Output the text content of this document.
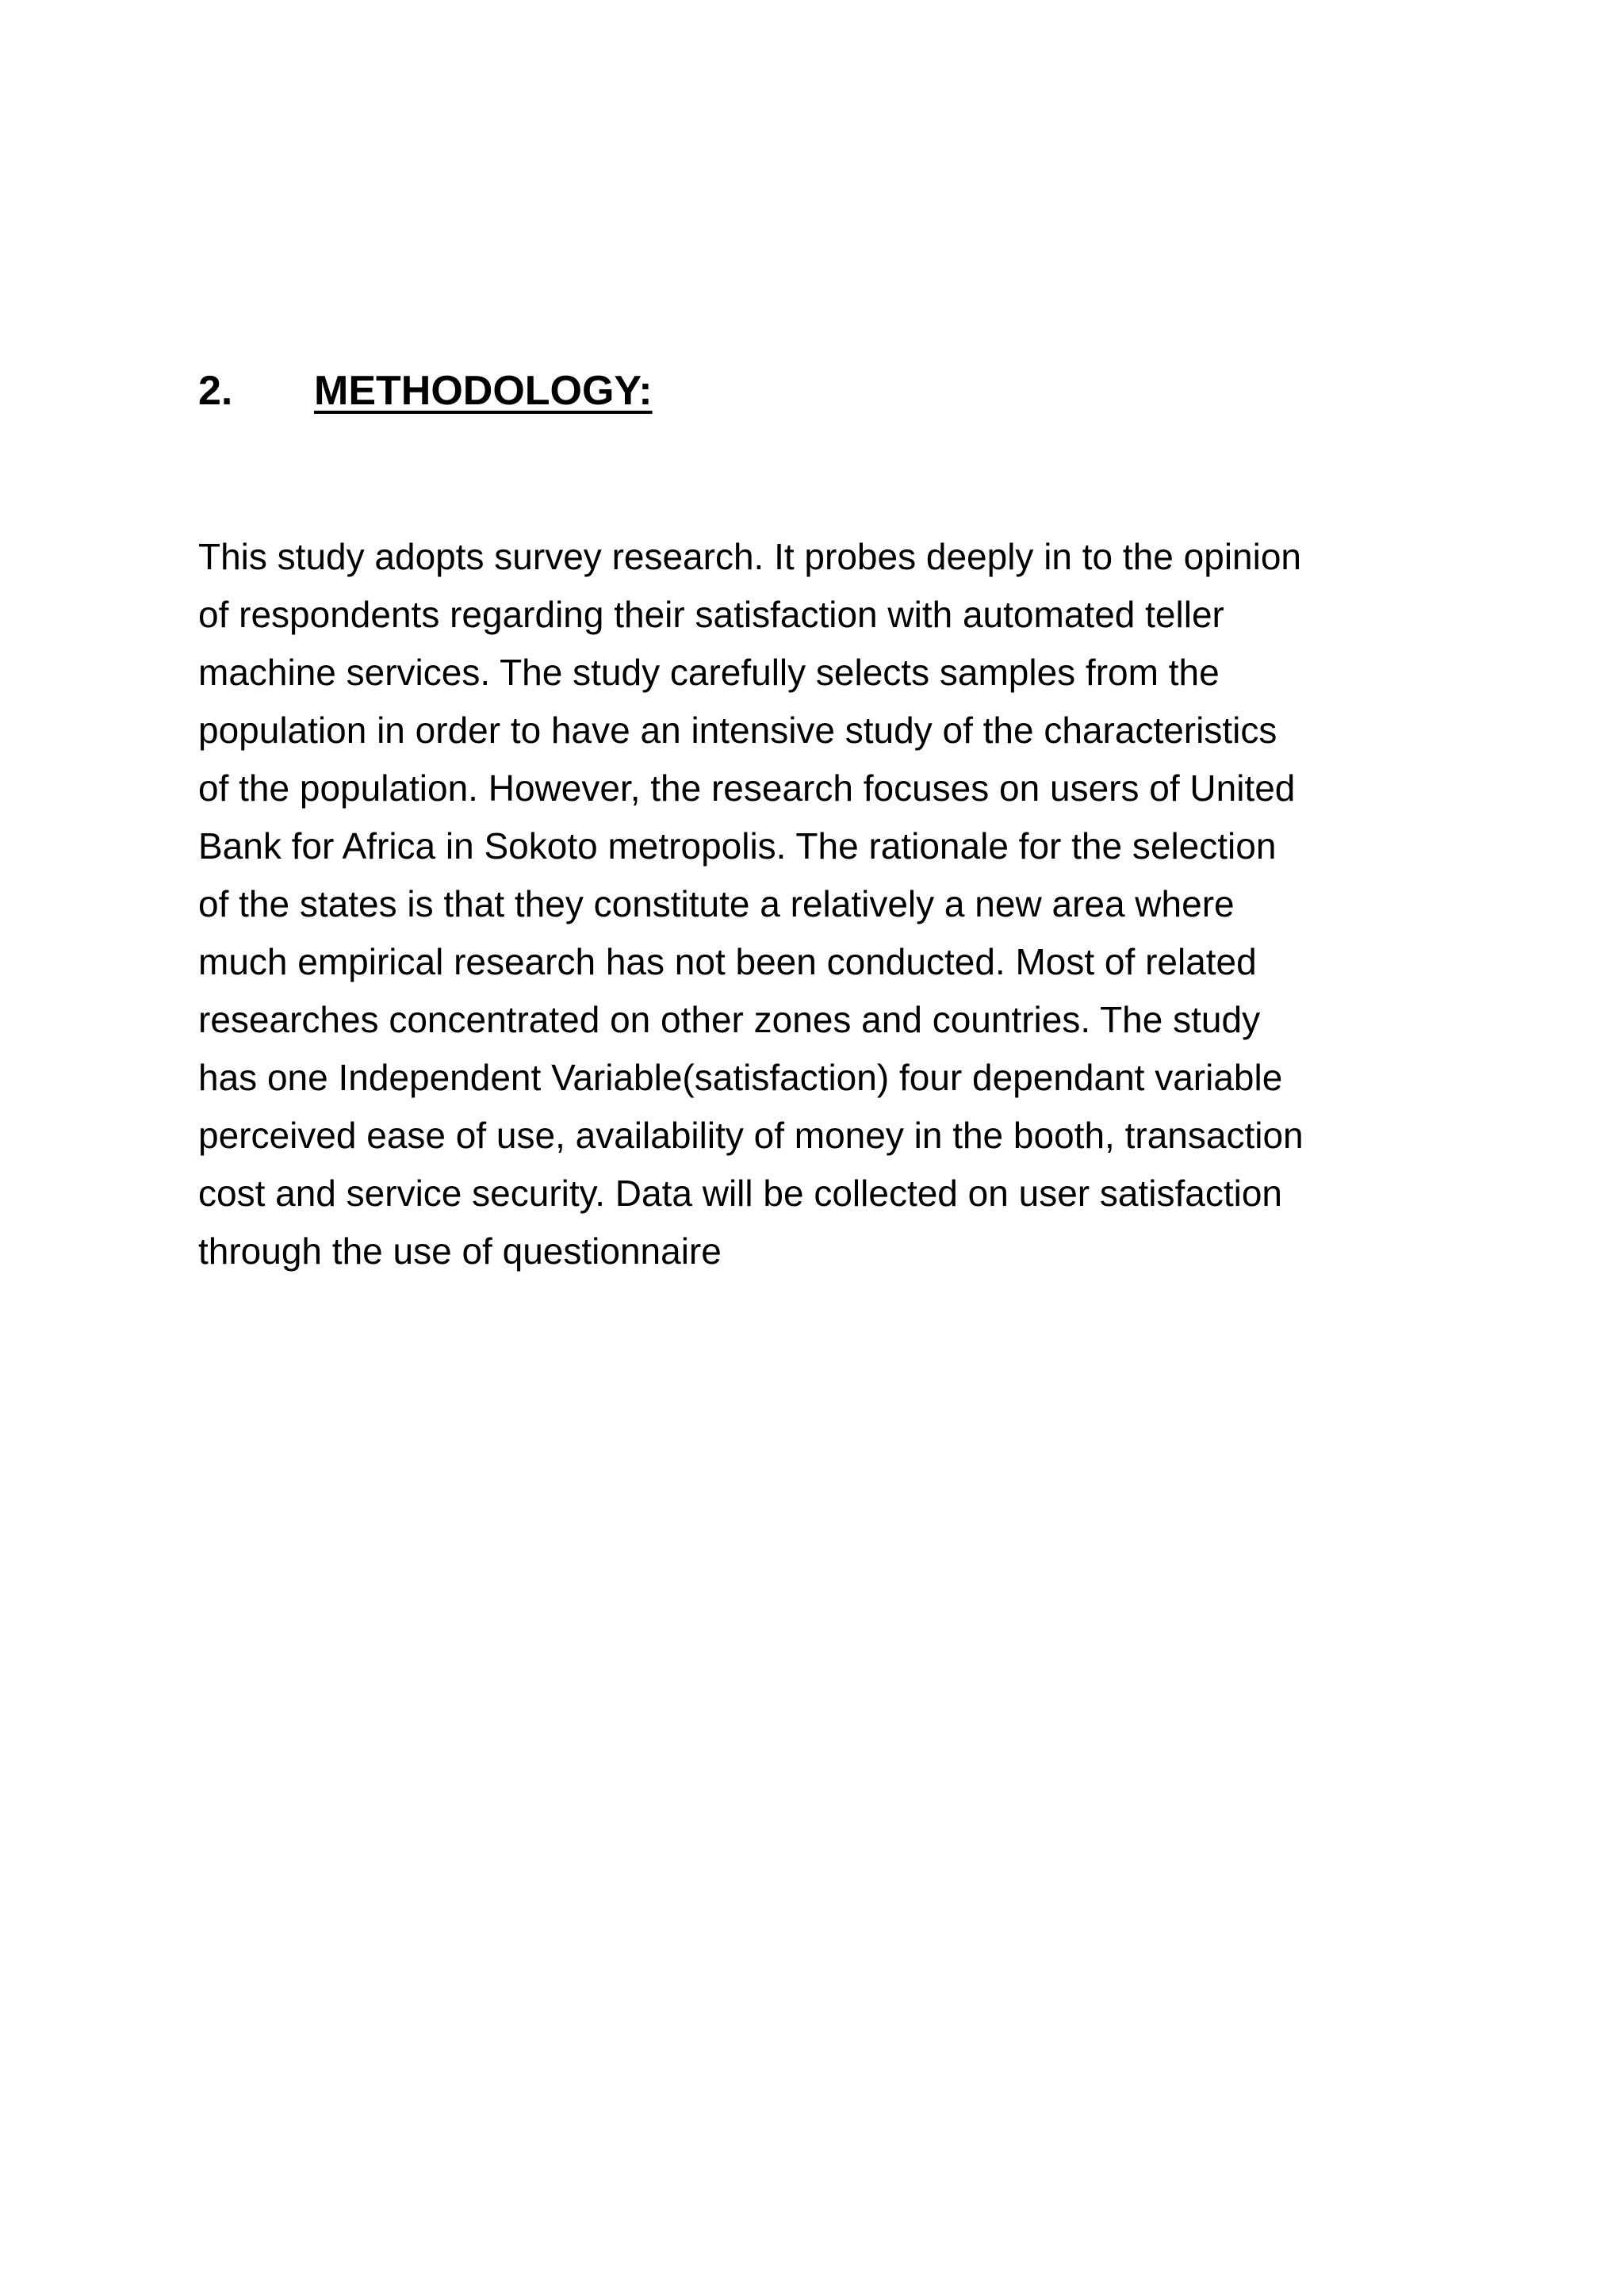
2. METHODOLOGY:
This study adopts survey research. It probes deeply in to the opinion
of respondents regarding their satisfaction with automated teller
machine services. The study carefully selects samples from the
population in order to have an intensive study of the characteristics
of the population. However, the research focuses on users of United
Bank for Africa in Sokoto metropolis. The rationale for the selection
of the states is that they constitute a relatively a new area where
much empirical research has not been conducted. Most of related
researches concentrated on other zones and countries. The study
has one Independent Variable(satisfaction) four dependant variable
perceived ease of use, availability of money in the booth, transaction
cost and service security. Data will be collected on user satisfaction
through the use of questionnaire
